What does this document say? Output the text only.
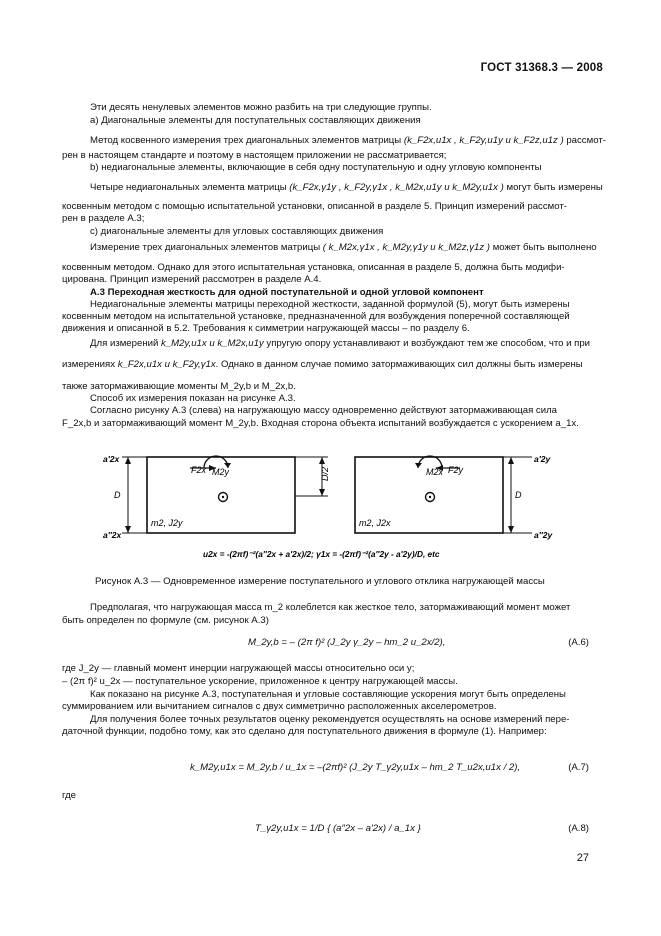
ГОСТ 31368.3 — 2008
Эти десять ненулевых элементов можно разбить на три следующие группы.
а) Диагональные элементы для поступательных составляющих движения
Метод косвенного измерения трех диагональных элементов матрицы (k_F2x,u1x , k_F2y,u1y и k_F2z,u1z ) рассмот-
рен в настоящем стандарте и поэтому в настоящем приложении не рассматривается;
b) недиагональные элементы, включающие в себя одну поступательную и одну угловую компоненты
Четыре недиагональных элемента матрицы (k_F2x,γ1y , k_F2y,γ1x , k_M2x,u1y и k_M2y,u1x ) могут быть измерены
косвенным методом с помощью испытательной установки, описанной в разделе 5. Принцип измерений рассмот-
рен в разделе А.3;
c) диагональные элементы для угловых составляющих движения
Измерение трех диагональных элементов матрицы ( k_M2x,γ1x , k_M2y,γ1y и k_M2z,γ1z ) может быть выполнено
косвенным методом. Однако для этого испытательная установка, описанная в разделе 5, должна быть модифи-
цирована. Принцип измерений рассмотрен в разделе А.4.
А.3 Переходная жесткость для одной поступательной и одной угловой компонент
Недиагональные элементы матрицы переходной жесткости, заданной формулой (5), могут быть измерены
косвенным методом на испытательной установке, предназначенной для возбуждения поперечной составляющей
движения и описанной в 5.2. Требования к симметрии нагружающей массы – по разделу 6.
Для измерений k_M2y,u1x и k_M2x,u1y упругую опору устанавливают и возбуждают тем же способом, что и при
измерениях k_F2x,u1x и k_F2y,γ1x. Однако в данном случае помимо затормаживающих сил должны быть измерены
также затормаживающие моменты M_2y,b и M_2x,b.
Способ их измерения показан на рисунке А.3.
Согласно рисунку А.3 (слева) на нагружающую массу одновременно действуют затормаживающая сила
F_2x,b и затормаживающий момент M_2y,b. Входная сторона объекта испытаний возбуждается с ускорением a_1x.
F2x M2y
a′2x
a″2x
D
D/2
m2, J2y
M2x F2y
a′2y
a″2y
D
m2, J2x
u2x = -(2πf)⁻²(a″2x + a′2x)/2; γ1x = -(2πf)⁻²(a″2y - a′2y)/D, etc
Рисунок А.3 — Одновременное измерение поступательного и углового отклика нагружающей массы
Предполагая, что нагружающая масса m_2 колеблется как жесткое тело, затормаживающий момент может
быть определен по формуле (см. рисунок А.3)
M_2y,b = – (2π f)² (J_2y γ_2y – hm_2 u_2x/2),	(А.6)
где J_2y — главный момент инерции нагружающей массы относительно оси y;
– (2π f)² u_2x — поступательное ускорение, приложенное к центру нагружающей массы.
Как показано на рисунке А.3, поступательная и угловые составляющие ускорения могут быть определены
суммированием или вычитанием сигналов с двух симметрично расположенных акселерометров.
Для получения более точных результатов оценку рекомендуется осуществлять на основе измерений пере-
даточной функции, подобно тому, как это сделано для поступательного движения в формуле (1). Например:
k_M2y,u1x = M_2y,b / u_1x = –(2πf)² (J_2y T_γ2y,u1x – hm_2 T_u2x,u1x / 2),	(А.7)
где
T_γ2y,u1x = 1/D { (a″2x – a′2x) / a_1x }	(А.8)
27
